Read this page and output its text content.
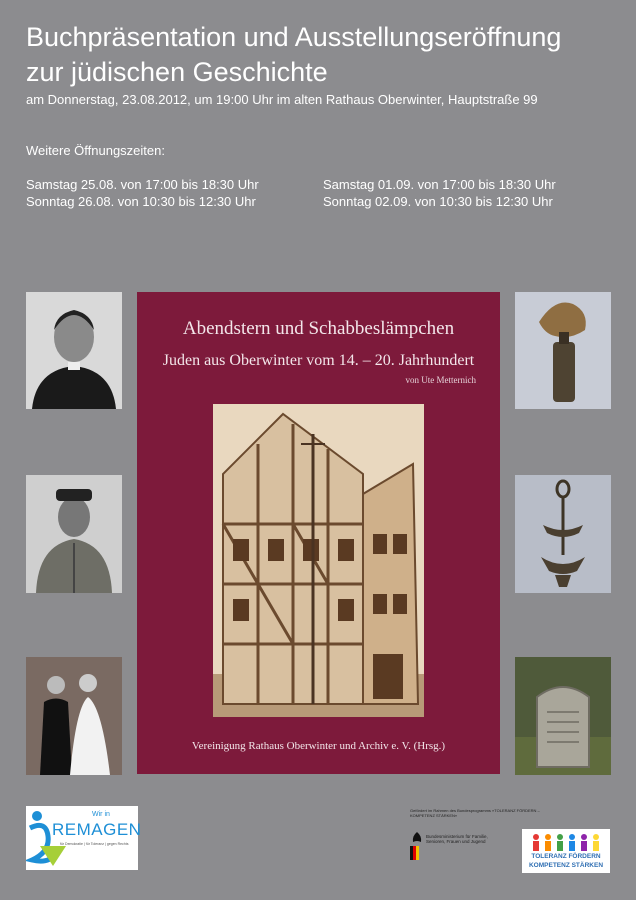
Buchpräsentation und Ausstellungseröffnung
zur jüdischen Geschichte
am Donnerstag, 23.08.2012, um 19:00 Uhr im alten Rathaus Oberwinter, Hauptstraße 99
Weitere Öffnungszeiten:
Samstag 25.08. von 17:00 bis 18:30 Uhr
Sonntag 26.08. von 10:30 bis 12:30 Uhr
Samstag 01.09. von 17:00 bis 18:30 Uhr
Sonntag 02.09. von 10:30 bis 12:30 Uhr
Abendstern und Schabbeslämpchen
Juden aus Oberwinter vom 14. – 20. Jahrhundert
von Ute Metternich
Vereinigung Rathaus Oberwinter und Archiv e. V. (Hrsg.)
Wir in
REMAGEN
für Demokratie | für Toleranz | gegen Rechts
Gefördert im Rahmen des Bundesprogramms »TOLERANZ FÖRDERN – KOMPETENZ STÄRKEN«
Bundesministerium für Familie, Senioren, Frauen und Jugend
TOLERANZ FÖRDERN
KOMPETENZ STÄRKEN
